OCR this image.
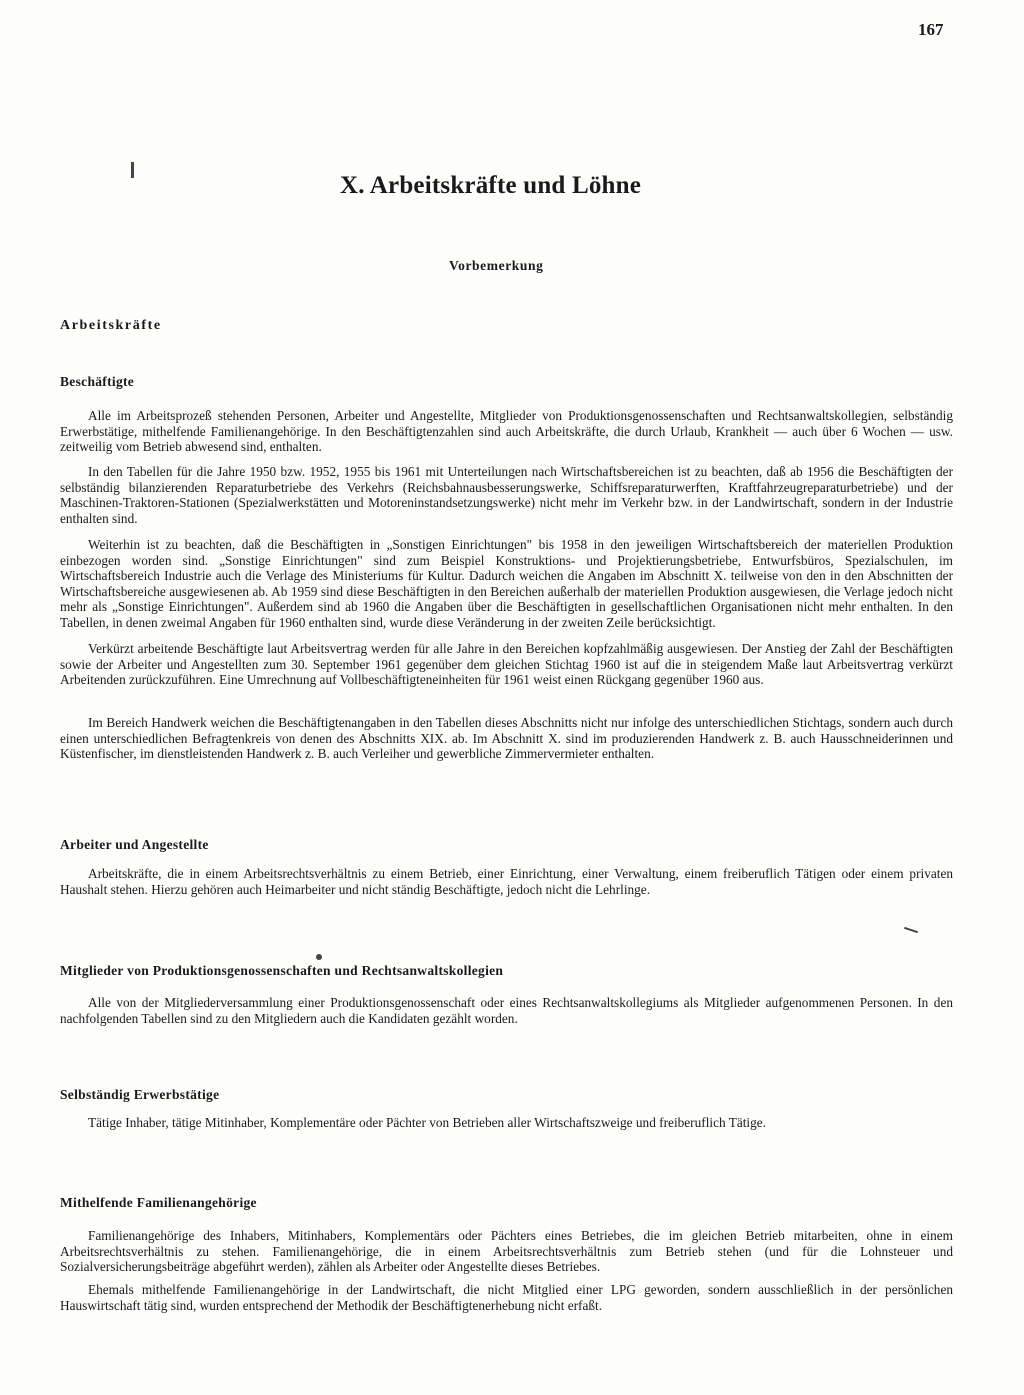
167
X. Arbeitskräfte und Löhne
Vorbemerkung
Arbeitskräfte
Beschäftigte

Alle im Arbeitsprozeß stehenden Personen, Arbeiter und Angestellte, Mitglieder von Produktionsgenossenschaften und Rechtsanwaltskollegien, selbständig Erwerbstätige, mithelfende Familienangehörige. In den Beschäftigtenzahlen sind auch Arbeitskräfte, die durch Urlaub, Krankheit — auch über 6 Wochen — usw. zeitweilig vom Betrieb abwesend sind, enthalten.

In den Tabellen für die Jahre 1950 bzw. 1952, 1955 bis 1961 mit Unterteilungen nach Wirtschaftsbereichen ist zu beachten, daß ab 1956 die Beschäftigten der selbständig bilanzierenden Reparaturbetriebe des Verkehrs (Reichsbahnausbesserungswerke, Schiffsreparaturwerften, Kraftfahrzeugreparaturbetriebe) und der Maschinen-Traktoren-Stationen (Spezialwerkstätten und Motoreninstandsetzungswerke) nicht mehr im Verkehr bzw. in der Landwirtschaft, sondern in der Industrie enthalten sind.

Weiterhin ist zu beachten, daß die Beschäftigten in „Sonstigen Einrichtungen" bis 1958 in den jeweiligen Wirtschaftsbereich der materiellen Produktion einbezogen worden sind. „Sonstige Einrichtungen" sind zum Beispiel Konstruktions- und Projektierungsbetriebe, Entwurfsbüros, Spezialschulen, im Wirtschaftsbereich Industrie auch die Verlage des Ministeriums für Kultur. Dadurch weichen die Angaben im Abschnitt X. teilweise von den in den Abschnitten der Wirtschaftsbereiche ausgewiesenen ab. Ab 1959 sind diese Beschäftigten in den Bereichen außerhalb der materiellen Produktion ausgewiesen, die Verlage jedoch nicht mehr als „Sonstige Einrichtungen". Außerdem sind ab 1960 die Angaben über die Beschäftigten in gesellschaftlichen Organisationen nicht mehr enthalten. In den Tabellen, in denen zweimal Angaben für 1960 enthalten sind, wurde diese Veränderung in der zweiten Zeile berücksichtigt.

Verkürzt arbeitende Beschäftigte laut Arbeitsvertrag werden für alle Jahre in den Bereichen kopfzahlmäßig ausgewiesen. Der Anstieg der Zahl der Beschäftigten sowie der Arbeiter und Angestellten zum 30. September 1961 gegenüber dem gleichen Stichtag 1960 ist auf die in steigendem Maße laut Arbeitsvertrag verkürzt Arbeitenden zurückzuführen. Eine Umrechnung auf Vollbeschäftigteneinheiten für 1961 weist einen Rückgang gegenüber 1960 aus.

Im Bereich Handwerk weichen die Beschäftigtenangaben in den Tabellen dieses Abschnitts nicht nur infolge des unterschiedlichen Stichtags, sondern auch durch einen unterschiedlichen Befragtenkreis von denen des Abschnitts XIX. ab. Im Abschnitt X. sind im produzierenden Handwerk z. B. auch Hausschneiderinnen und Küstenfischer, im dienstleistenden Handwerk z. B. auch Verleiher und gewerbliche Zimmervermieter enthalten.

Arbeiter und Angestellte

Arbeitskräfte, die in einem Arbeitsrechtsverhältnis zu einem Betrieb, einer Einrichtung, einer Verwaltung, einem freiberuflich Tätigen oder einem privaten Haushalt stehen. Hierzu gehören auch Heimarbeiter und nicht ständig Beschäftigte, jedoch nicht die Lehrlinge.

Mitglieder von Produktionsgenossenschaften und Rechtsanwaltskollegien

Alle von der Mitgliederversammlung einer Produktionsgenossenschaft oder eines Rechtsanwaltskollegiums als Mitglieder aufgenommenen Personen. In den nachfolgenden Tabellen sind zu den Mitgliedern auch die Kandidaten gezählt worden.

Selbständig Erwerbstätige

Tätige Inhaber, tätige Mitinhaber, Komplementäre oder Pächter von Betrieben aller Wirtschaftszweige und freiberuflich Tätige.

Mithelfende Familienangehörige

Familienangehörige des Inhabers, Mitinhabers, Komplementärs oder Pächters eines Betriebes, die im gleichen Betrieb mitarbeiten, ohne in einem Arbeitsrechtsverhältnis zu stehen. Familienangehörige, die in einem Arbeitsrechtsverhältnis zum Betrieb stehen (und für die Lohnsteuer und Sozialversicherungsbeiträge abgeführt werden), zählen als Arbeiter oder Angestellte dieses Betriebes.

Ehemals mithelfende Familienangehörige in der Landwirtschaft, die nicht Mitglied einer LPG geworden, sondern ausschließlich in der persönlichen Hauswirtschaft tätig sind, wurden entsprechend der Methodik der Beschäftigtenerhebung nicht erfaßt.
